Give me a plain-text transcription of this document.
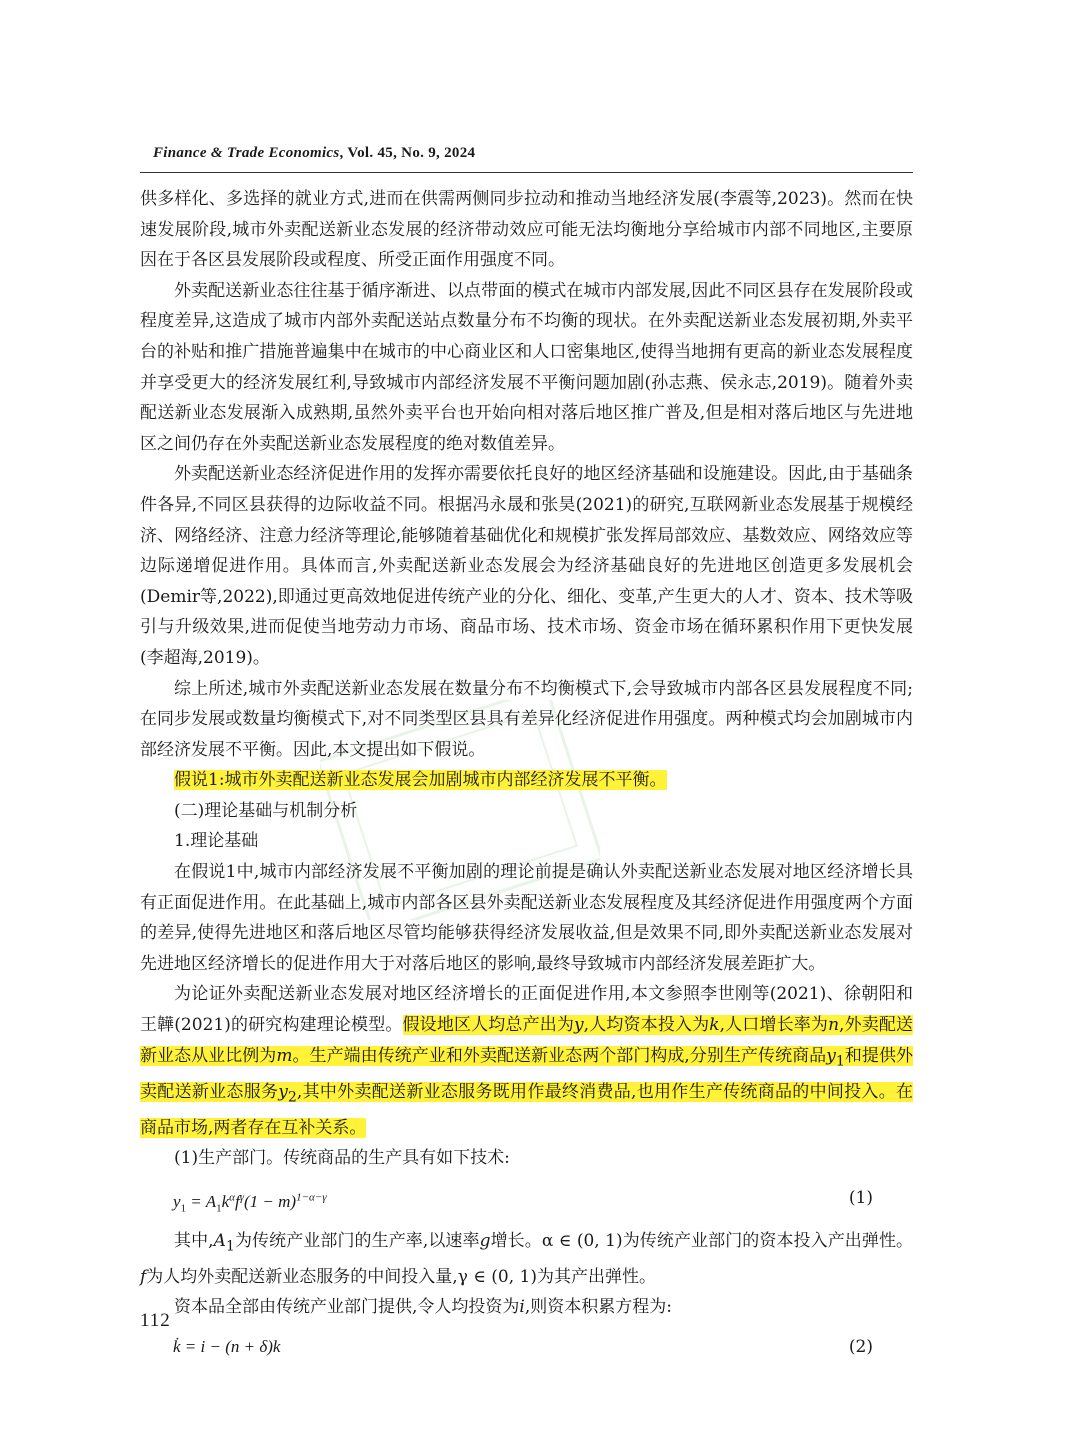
Finance & Trade Economics, Vol. 45, No. 9, 2024

供多样化、多选择的就业方式,进而在供需两侧同步拉动和推动当地经济发展(李震等,2023)。然而在快速发展阶段,城市外卖配送新业态发展的经济带动效应可能无法均衡地分享给城市内部不同地区,主要原因在于各区县发展阶段或程度、所受正面作用强度不同。

外卖配送新业态往往基于循序渐进、以点带面的模式在城市内部发展,因此不同区县存在发展阶段或程度差异,这造成了城市内部外卖配送站点数量分布不均衡的现状。在外卖配送新业态发展初期,外卖平台的补贴和推广措施普遍集中在城市的中心商业区和人口密集地区,使得当地拥有更高的新业态发展程度并享受更大的经济发展红利,导致城市内部经济发展不平衡问题加剧(孙志燕、侯永志,2019)。随着外卖配送新业态发展渐入成熟期,虽然外卖平台也开始向相对落后地区推广普及,但是相对落后地区与先进地区之间仍存在外卖配送新业态发展程度的绝对数值差异。

外卖配送新业态经济促进作用的发挥亦需要依托良好的地区经济基础和设施建设。因此,由于基础条件各异,不同区县获得的边际收益不同。根据冯永晟和张昊(2021)的研究,互联网新业态发展基于规模经济、网络经济、注意力经济等理论,能够随着基础优化和规模扩张发挥局部效应、基数效应、网络效应等边际递增促进作用。具体而言,外卖配送新业态发展会为经济基础良好的先进地区创造更多发展机会(Demir等,2022),即通过更高效地促进传统产业的分化、细化、变革,产生更大的人才、资本、技术等吸引与升级效果,进而促使当地劳动力市场、商品市场、技术市场、资金市场在循环累积作用下更快发展(李超海,2019)。

综上所述,城市外卖配送新业态发展在数量分布不均衡模式下,会导致城市内部各区县发展程度不同;在同步发展或数量均衡模式下,对不同类型区县具有差异化经济促进作用强度。两种模式均会加剧城市内部经济发展不平衡。因此,本文提出如下假说。

假说1:城市外卖配送新业态发展会加剧城市内部经济发展不平衡。

(二)理论基础与机制分析

1.理论基础

在假说1中,城市内部经济发展不平衡加剧的理论前提是确认外卖配送新业态发展对地区经济增长具有正面促进作用。在此基础上,城市内部各区县外卖配送新业态发展程度及其经济促进作用强度两个方面的差异,使得先进地区和落后地区尽管均能够获得经济发展收益,但是效果不同,即外卖配送新业态发展对先进地区经济增长的促进作用大于对落后地区的影响,最终导致城市内部经济发展差距扩大。

为论证外卖配送新业态发展对地区经济增长的正面促进作用,本文参照李世刚等(2021)、徐朝阳和王韡(2021)的研究构建理论模型。假设地区人均总产出为y,人均资本投入为k,人口增长率为n,外卖配送新业态从业比例为m。生产端由传统产业和外卖配送新业态两个部门构成,分别生产传统商品$y_1$和提供外卖配送新业态服务$y_2$,其中外卖配送新业态服务既用作最终消费品,也用作生产传统商品的中间投入。在商品市场,两者存在互补关系。

(1)生产部门。传统商品的生产具有如下技术:

$y_1 = A_1k^\alpha f^\gamma(1 - m)^{1-\alpha-\gamma}$	(1)

其中$,A_1$为传统产业部门的生产率,以速率g增长。α ∈ (0, 1)为传统产业部门的资本投入产出弹性。f为人均外卖配送新业态服务的中间投入量,γ ∈ (0, 1)为其产出弹性。

资本品全部由传统产业部门提供,令人均投资为i,则资本积累方程为:

k̇ = i − (n + δ)k	(2)
112
